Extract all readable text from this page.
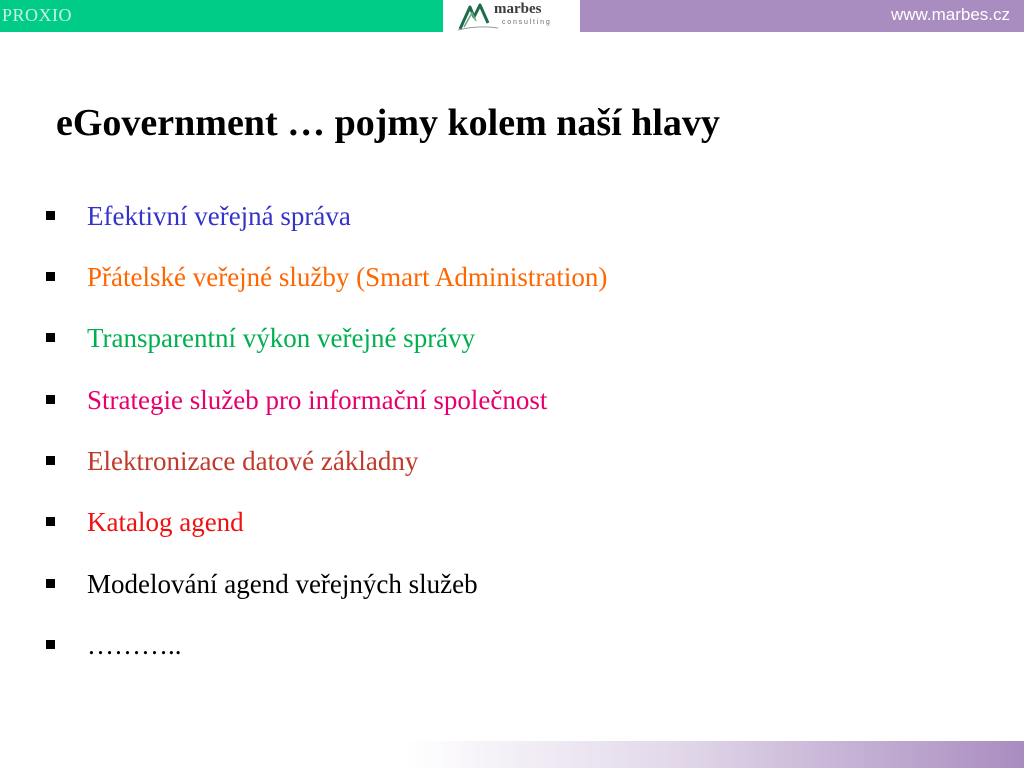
PROXIO	marbes
consulting	www.marbes.cz
eGovernment … pojmy kolem naší hlavy
Efektivní veřejná správa
Přátelské veřejné služby (Smart Administration)
Transparentní výkon veřejné správy
Strategie služeb pro informační společnost
Elektronizace datové základny
Katalog agend
Modelování agend veřejných služeb
………..
